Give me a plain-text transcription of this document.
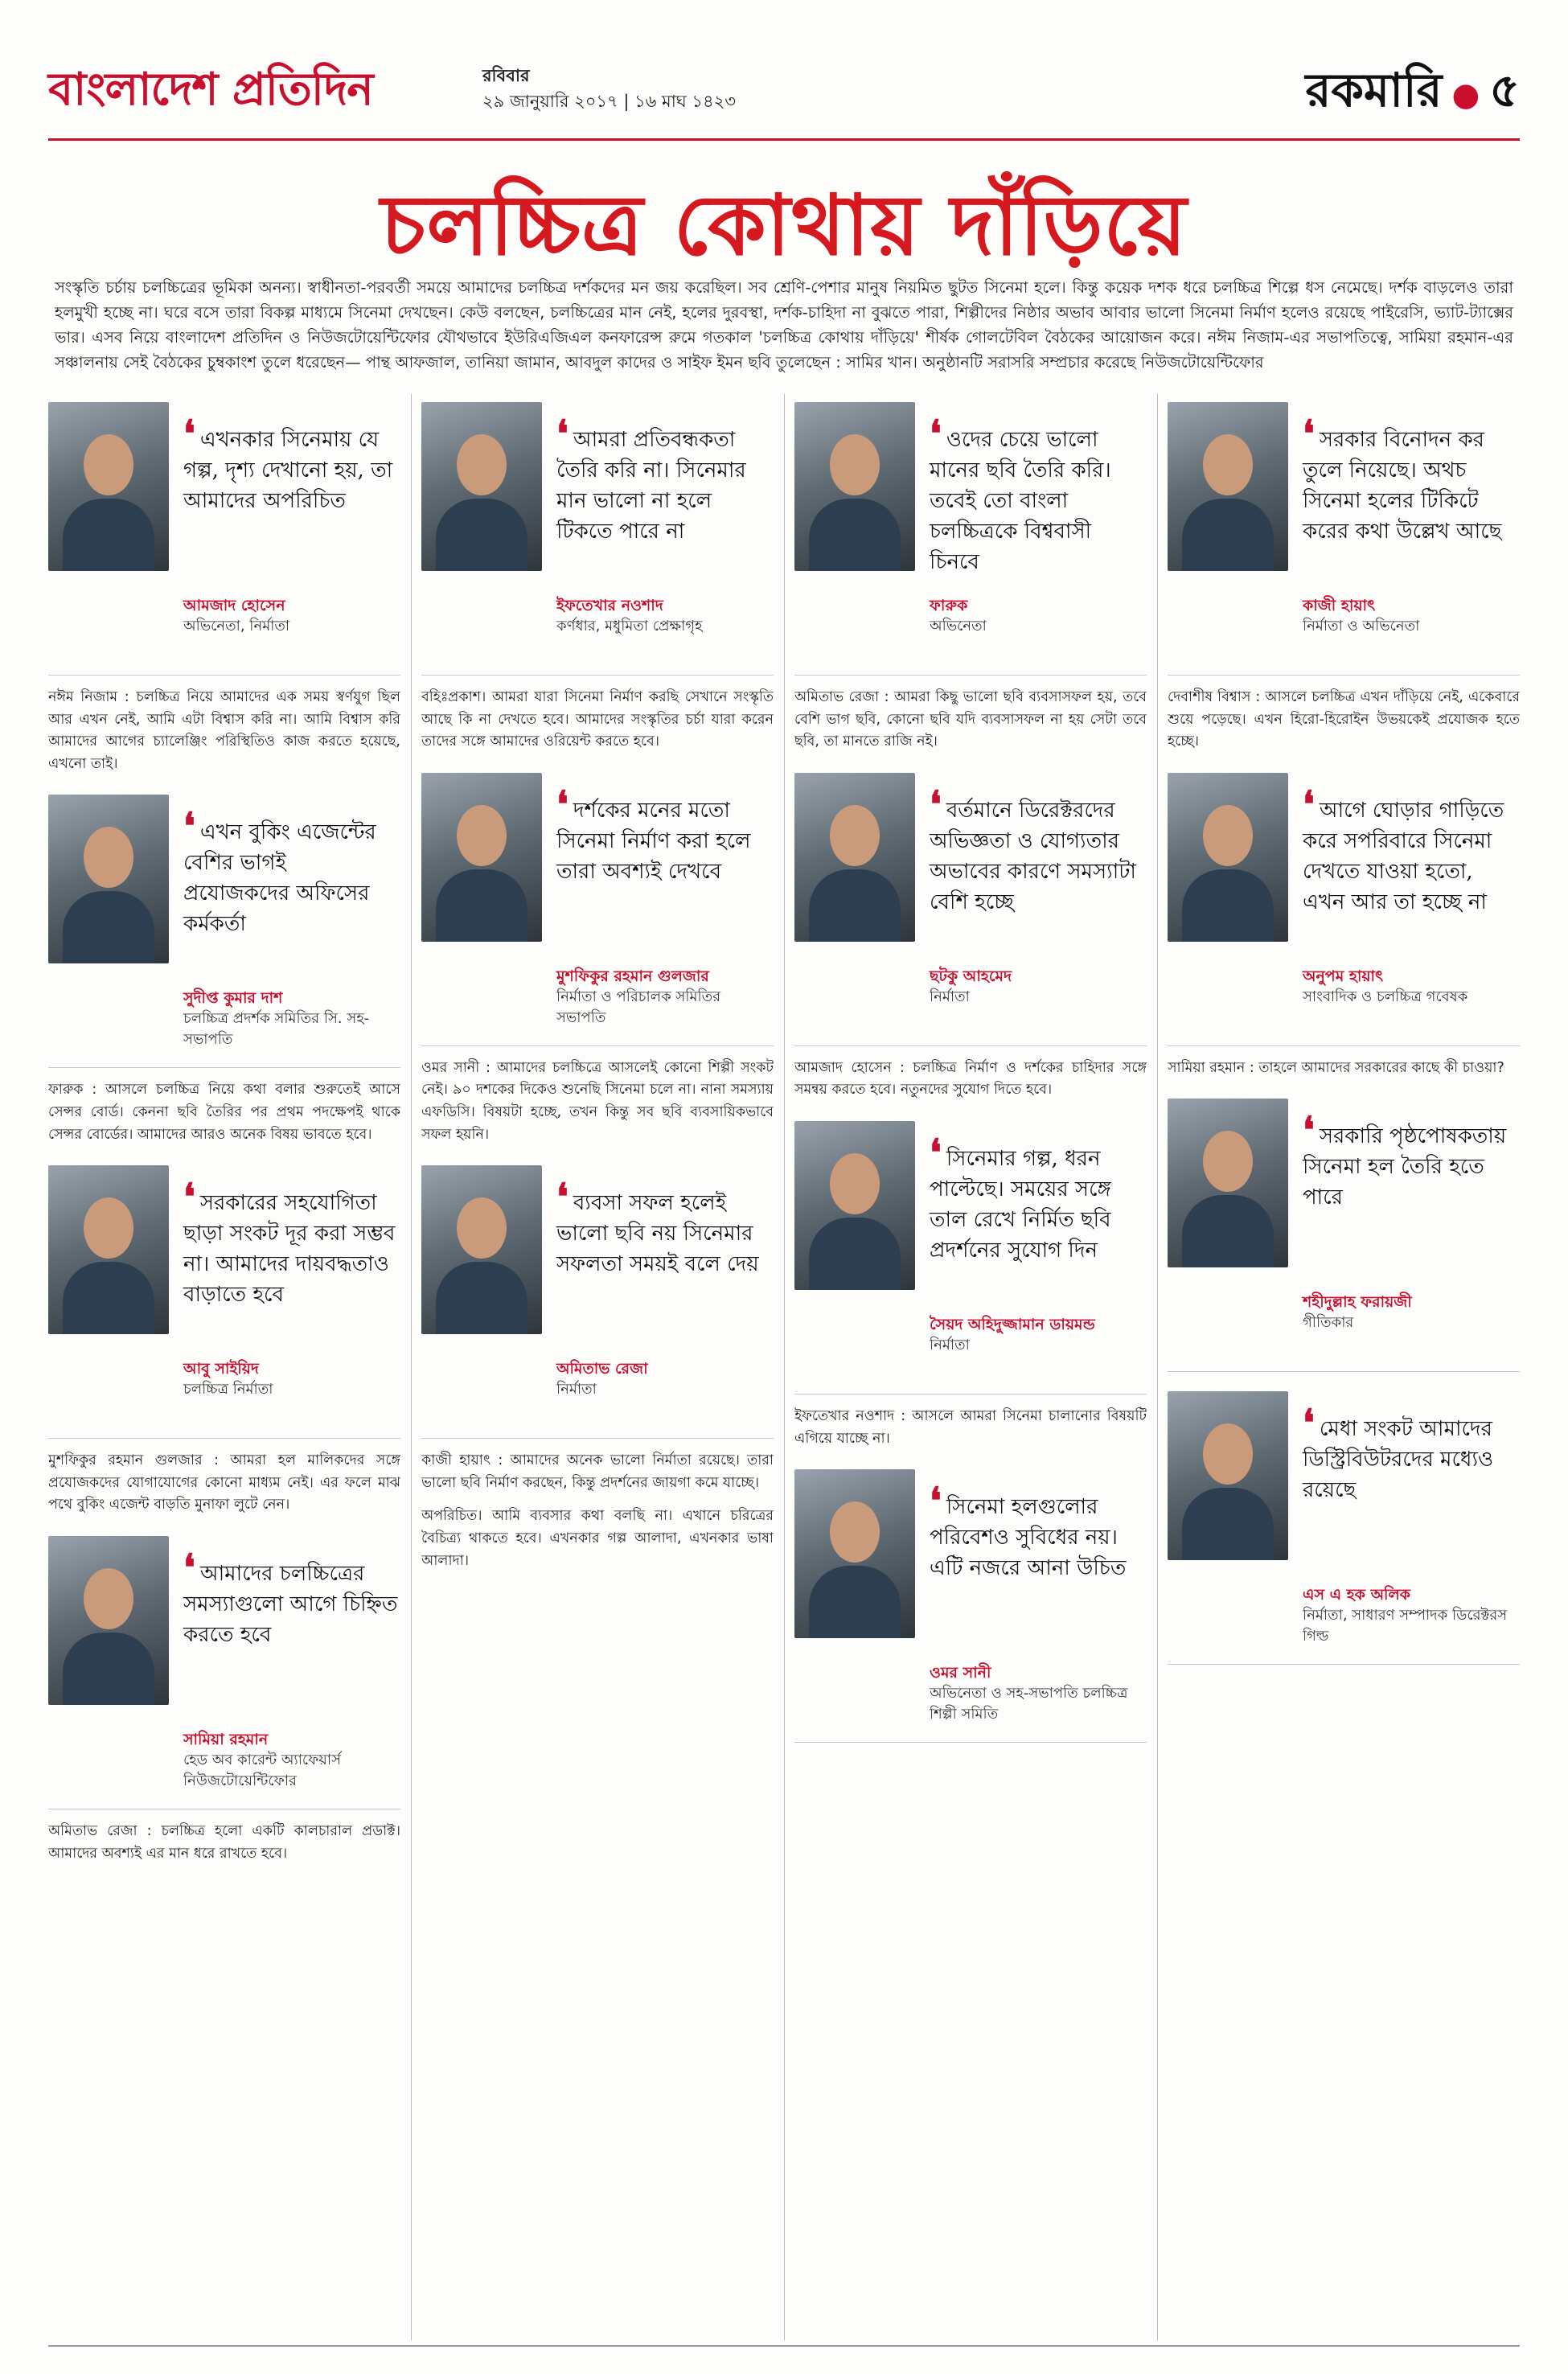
বাংলাদেশ প্রতিদিন	রবিবার
২৯ জানুয়ারি ২০১৭ | ১৬ মাঘ ১৪২৩	রকমারি ● ৫
চলচ্চিত্র কোথায় দাঁড়িয়ে

সংস্কৃতি চর্চায় চলচ্চিত্রের ভূমিকা অনন্য। স্বাধীনতা-পরবর্তী সময়ে আমাদের চলচ্চিত্র দর্শকদের মন জয় করেছিল। সব শ্রেণি-পেশার মানুষ নিয়মিত ছুটত সিনেমা হলে। কিন্তু কয়েক দশক ধরে চলচ্চিত্র শিল্পে ধস নেমেছে। দর্শক বাড়লেও তারা হলমুখী হচ্ছে না। ঘরে বসে তারা বিকল্প মাধ্যমে সিনেমা দেখছেন। কেউ বলছেন, চলচ্চিত্রের মান নেই, হলের দুরবস্থা, দর্শক-চাহিদা না বুঝতে পারা, শিল্পীদের নিষ্ঠার অভাব আবার ভালো সিনেমা নির্মাণ হলেও রয়েছে পাইরেসি, ভ্যাট-ট্যাক্সের ভার। এসব নিয়ে বাংলাদেশ প্রতিদিন ও নিউজটোয়েন্টিফোর যৌথভাবে ইউরিএজিএল কনফারেন্স রুমে গতকাল 'চলচ্চিত্র কোথায় দাঁড়িয়ে' শীর্ষক গোলটেবিল বৈঠকের আয়োজন করে। নঈম নিজাম-এর সভাপতিত্বে, সামিয়া রহমান-এর সঞ্চালনায় সেই বৈঠকের চুম্বকাংশ তুলে ধরেছেন— পান্থ আফজাল, তানিয়া জামান, আবদুল কাদের ও সাইফ ইমন ছবি তুলেছেন : সামির খান। অনুষ্ঠানটি সরাসরি সম্প্রচার করেছে নিউজটোয়েন্টিফোর

❛ এখনকার সিনেমায় যে গল্প, দৃশ্য দেখানো হয়, তা আমাদের অপরিচিত
আমজাদ হোসেন
অভিনেতা, নির্মাতা

নঈম নিজাম : চলচ্চিত্র নিয়ে আমাদের এক সময় স্বর্ণযুগ ছিল আর এখন নেই, আমি এটা বিশ্বাস করি না। আমি বিশ্বাস করি আমাদের আগের চ্যালেঞ্জিং পরিস্থিতিও কাজ করতে হয়েছে, এখনো তাই।

❛ এখন বুকিং এজেন্টের বেশির ভাগই প্রযোজকদের অফিসের কর্মকর্তা
সুদীপ্ত কুমার দাশ
চলচ্চিত্র প্রদর্শক সমিতির সি. সহ-সভাপতি

ফারুক : আসলে চলচ্চিত্র নিয়ে কথা বলার শুরুতেই আসে সেন্সর বোর্ড। কেননা ছবি তৈরির পর প্রথম পদক্ষেপই থাকে সেন্সর বোর্ডের। আমাদের আরও অনেক বিষয় ভাবতে হবে।

❛ সরকারের সহযোগিতা ছাড়া সংকট দূর করা সম্ভব না। আমাদের দায়বদ্ধতাও বাড়াতে হবে
আবু সাইয়িদ
চলচ্চিত্র নির্মাতা

মুশফিকুর রহমান গুলজার : আমরা হল মালিকদের সঙ্গে প্রযোজকদের যোগাযোগের কোনো মাধ্যম নেই। এর ফলে মাঝ পথে বুকিং এজেন্ট বাড়তি মুনাফা লুটে নেন।

❛ আমাদের চলচ্চিত্রের সমস্যাগুলো আগে চিহ্নিত করতে হবে
সামিয়া রহমান
হেড অব কারেন্ট অ্যাফেয়ার্স নিউজটোয়েন্টিফোর

অমিতাভ রেজা : চলচ্চিত্র হলো একটি কালচারাল প্রডাক্ট। আমাদের অবশ্যই এর মান ধরে রাখতে হবে।

❛ আমরা প্রতিবন্ধকতা তৈরি করি না। সিনেমার মান ভালো না হলে টিকতে পারে না
ইফতেখার নওশাদ
কর্ণধার, মধুমিতা প্রেক্ষাগৃহ

বহিঃপ্রকাশ। আমরা যারা সিনেমা নির্মাণ করছি সেখানে সংস্কৃতি আছে কি না দেখতে হবে। আমাদের সংস্কৃতির চর্চা যারা করেন তাদের সঙ্গে আমাদের ওরিয়েন্ট করতে হবে।

❛ দর্শকের মনের মতো সিনেমা নির্মাণ করা হলে তারা অবশ্যই দেখবে
মুশফিকুর রহমান গুলজার
নির্মাতা ও পরিচালক সমিতির সভাপতি

ওমর সানী : আমাদের চলচ্চিত্রে আসলেই কোনো শিল্পী সংকট নেই। ৯০ দশকের দিকেও শুনেছি সিনেমা চলে না। নানা সমস্যায় এফডিসি। বিষয়টা হচ্ছে, তখন কিন্তু সব ছবি ব্যবসায়িকভাবে সফল হয়নি।

❛ ব্যবসা সফল হলেই ভালো ছবি নয় সিনেমার সফলতা সময়ই বলে দেয়
অমিতাভ রেজা
নির্মাতা

কাজী হায়াৎ : আমাদের অনেক ভালো নির্মাতা রয়েছে। তারা ভালো ছবি নির্মাণ করছেন, কিন্তু প্রদর্শনের জায়গা কমে যাচ্ছে।

অপরিচিত। আমি ব্যবসার কথা বলছি না। এখানে চরিত্রের বৈচিত্র্য থাকতে হবে। এখনকার গল্প আলাদা, এখনকার ভাষা আলাদা।

❛ ওদের চেয়ে ভালো মানের ছবি তৈরি করি। তবেই তো বাংলা চলচ্চিত্রকে বিশ্ববাসী চিনবে
ফারুক
অভিনেতা

অমিতাভ রেজা : আমরা কিছু ভালো ছবি ব্যবসাসফল হয়, তবে বেশি ভাগ ছবি, কোনো ছবি যদি ব্যবসাসফল না হয় সেটা তবে ছবি, তা মানতে রাজি নই।

❛ বর্তমানে ডিরেক্টরদের অভিজ্ঞতা ও যোগ্যতার অভাবের কারণে সমস্যাটা বেশি হচ্ছে
ছটকু আহমেদ
নির্মাতা

আমজাদ হোসেন : চলচ্চিত্র নির্মাণ ও দর্শকের চাহিদার সঙ্গে সমন্বয় করতে হবে। নতুনদের সুযোগ দিতে হবে।

❛ সিনেমার গল্প, ধরন পাল্টেছে। সময়ের সঙ্গে তাল রেখে নির্মিত ছবি প্রদর্শনের সুযোগ দিন
সৈয়দ অহিদুজ্জামান ডায়মন্ড
নির্মাতা

ইফতেখার নওশাদ : আসলে আমরা সিনেমা চালানোর বিষয়টি এগিয়ে যাচ্ছে না।

❛ সিনেমা হলগুলোর পরিবেশও সুবিধের নয়। এটি নজরে আনা উচিত
ওমর সানী
অভিনেতা ও সহ-সভাপতি চলচ্চিত্র শিল্পী সমিতি
❛ সরকার বিনোদন কর তুলে নিয়েছে। অথচ সিনেমা হলের টিকিটে করের কথা উল্লেখ আছে
কাজী হায়াৎ
নির্মাতা ও অভিনেতা

দেবাশীষ বিশ্বাস : আসলে চলচ্চিত্র এখন দাঁড়িয়ে নেই, একেবারে শুয়ে পড়েছে। এখন হিরো-হিরোইন উভয়কেই প্রযোজক হতে হচ্ছে।

❛ আগে ঘোড়ার গাড়িতে করে সপরিবারে সিনেমা দেখতে যাওয়া হতো, এখন আর তা হচ্ছে না
অনুপম হায়াৎ
সাংবাদিক ও চলচ্চিত্র গবেষক

সামিয়া রহমান : তাহলে আমাদের সরকারের কাছে কী চাওয়া?

❛ সরকারি পৃষ্ঠপোষকতায় সিনেমা হল তৈরি হতে পারে
শহীদুল্লাহ ফরায়জী
গীতিকার
❛ মেধা সংকট আমাদের ডিস্ট্রিবিউটরদের মধ্যেও রয়েছে
এস এ হক অলিক
নির্মাতা, সাধারণ সম্পাদক ডিরেক্টরস গিল্ড
